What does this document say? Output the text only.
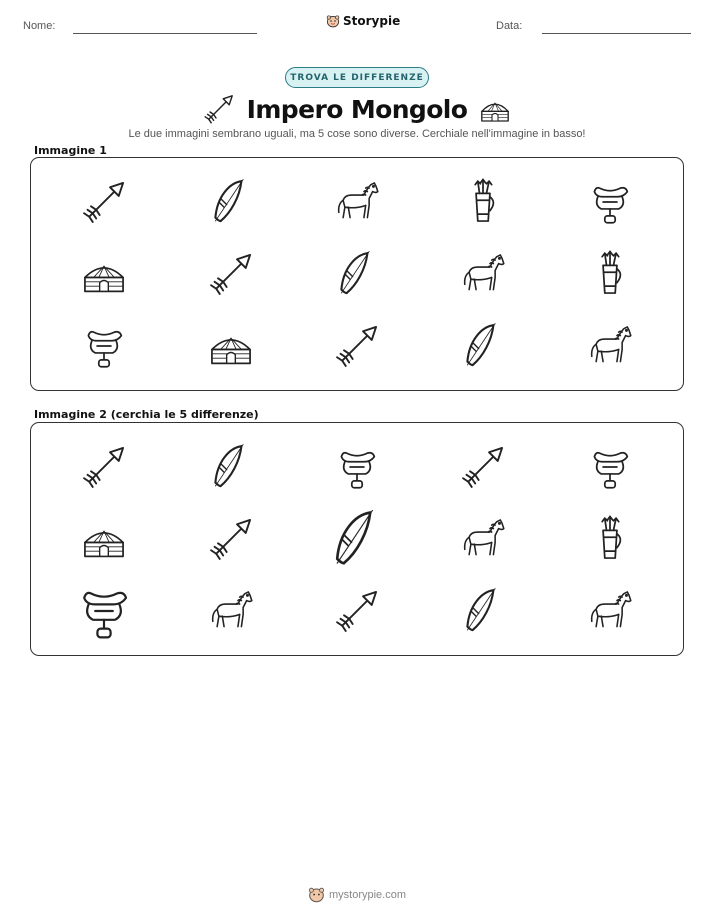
Nome:	Storypie	Data:
TROVA LE DIFFERENZE
Impero Mongolo
Le due immagini sembrano uguali, ma 5 cose sono diverse. Cerchiale nell'immagine in basso!
Immagine 1
Immagine 2 (cerchia le 5 differenze)
mystorypie.com
